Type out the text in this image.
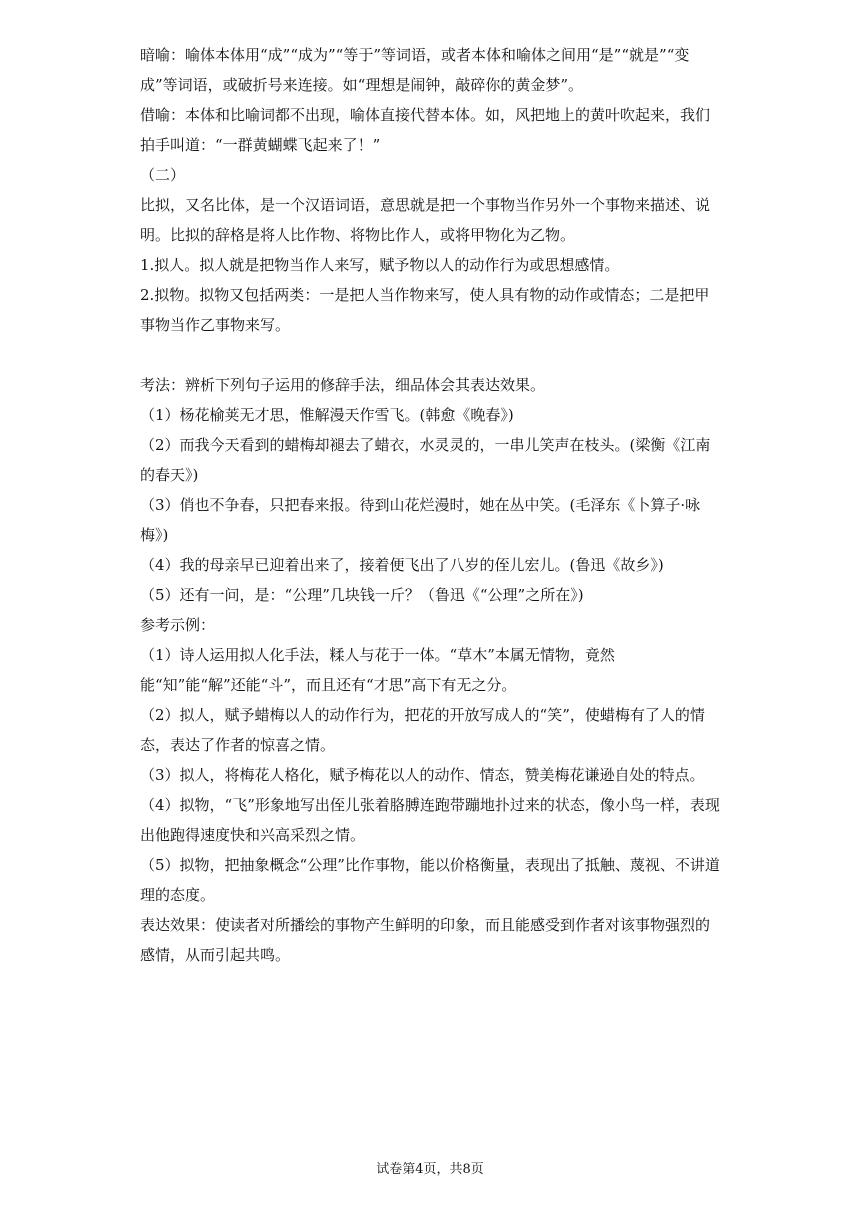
暗喻：喻体本体用“成”“成为”“等于”等词语，或者本体和喻体之间用“是”“就是”“变成”等词语，或破折号来连接。如“理想是闹钟，敲碎你的黄金梦”。

借喻：本体和比喻词都不出现，喻体直接代替本体。如，风把地上的黄叶吹起来，我们拍手叫道：“一群黄蝴蝶飞起来了！”

（二）

比拟，又名比体，是一个汉语词语，意思就是把一个事物当作另外一个事物来描述、说明。比拟的辞格是将人比作物、将物比作人，或将甲物化为乙物。

1.拟人。拟人就是把物当作人来写，赋予物以人的动作行为或思想感情。

2.拟物。拟物又包括两类：一是把人当作物来写，使人具有物的动作或情态；二是把甲事物当作乙事物来写。

考法：辨析下列句子运用的修辞手法，细品体会其表达效果。

（1）杨花榆荚无才思，惟解漫天作雪飞。(韩愈《晚春》)

（2）而我今天看到的蜡梅却褪去了蜡衣，水灵灵的，一串儿笑声在枝头。(梁衡《江南的春天》)

（3）俏也不争春，只把春来报。待到山花烂漫时，她在丛中笑。(毛泽东《卜算子·咏梅》)

（4）我的母亲早已迎着出来了，接着便飞出了八岁的侄儿宏儿。(鲁迅《故乡》)

（5）还有一问，是：“公理”几块钱一斤？（鲁迅《“公理”之所在》)

参考示例：

（1）诗人运用拟人化手法，糅人与花于一体。“草木”本属无情物，竟然能“知”能“解”还能“斗”，而且还有“才思”高下有无之分。

（2）拟人，赋予蜡梅以人的动作行为，把花的开放写成人的“笑”，使蜡梅有了人的情态，表达了作者的惊喜之情。

（3）拟人，将梅花人格化，赋予梅花以人的动作、情态，赞美梅花谦逊自处的特点。

（4）拟物，“飞”形象地写出侄儿张着胳膊连跑带蹦地扑过来的状态，像小鸟一样，表现出他跑得速度快和兴高采烈之情。

（5）拟物，把抽象概念“公理”比作事物，能以价格衡量，表现出了抵触、蔑视、不讲道理的态度。

表达效果：使读者对所播绘的事物产生鲜明的印象，而且能感受到作者对该事物强烈的感情，从而引起共鸣。

试卷第4页，共8页
